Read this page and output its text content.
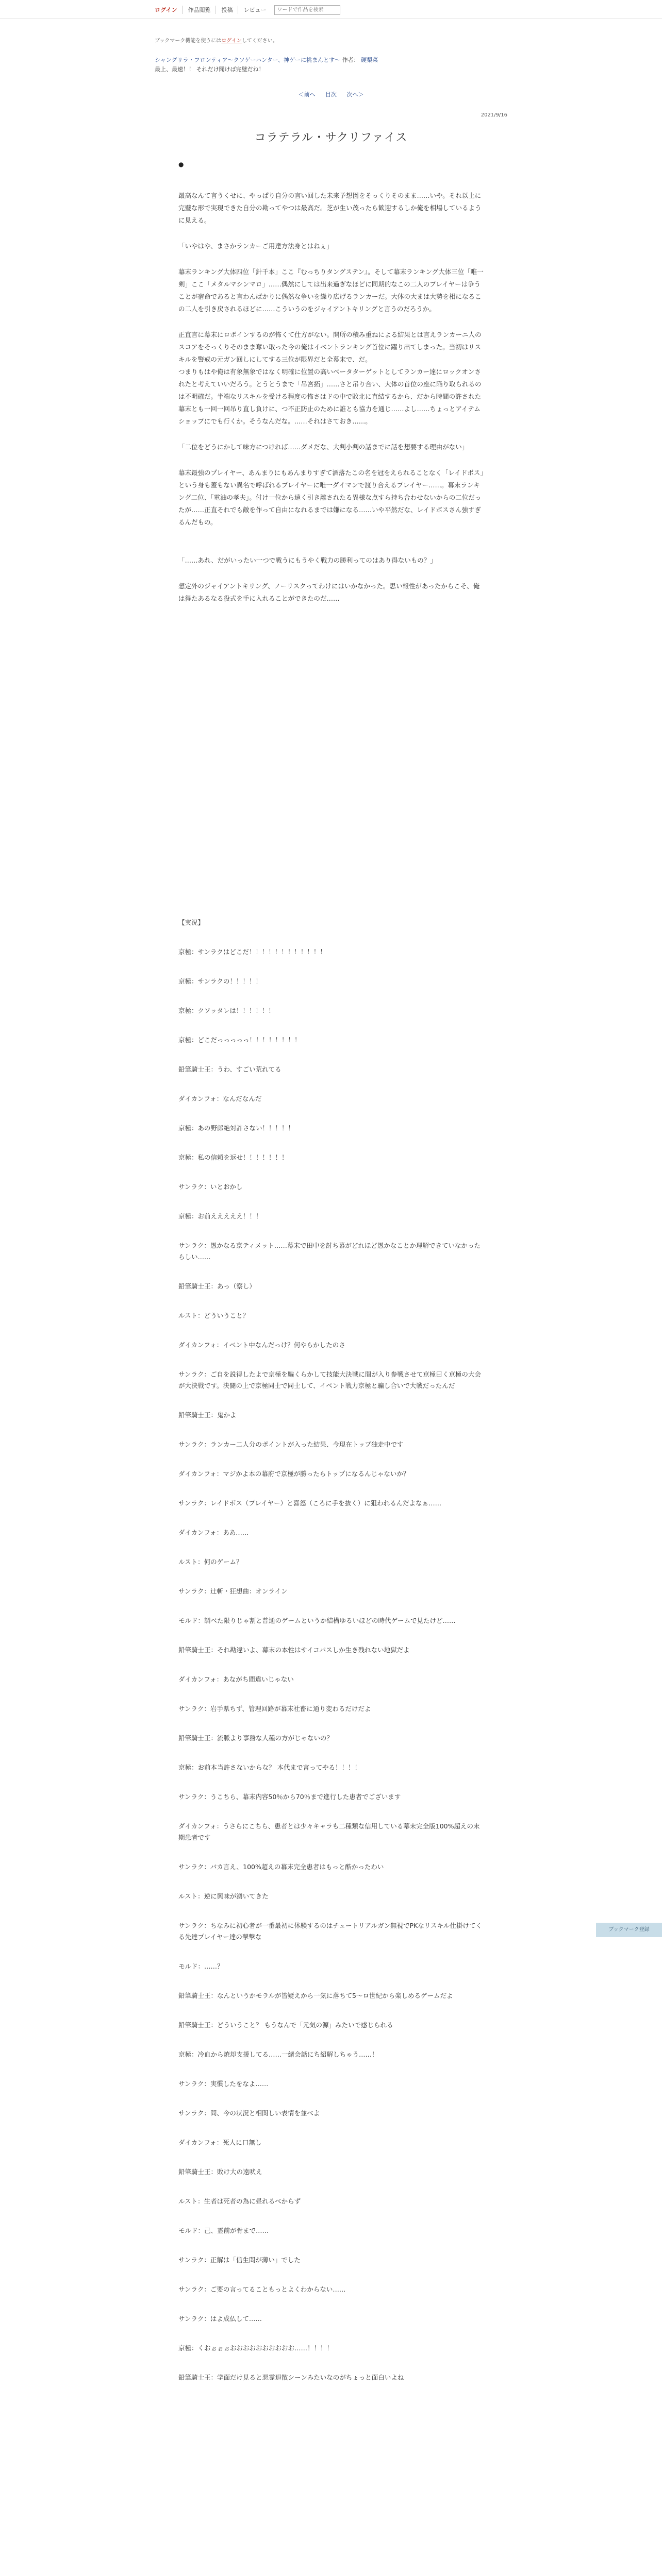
ログイン	作品閲覧	投稿	レビュー
ワードで作品を検索
ブックマーク機能を使うにはログインしてください。
シャングリラ・フロンティア〜クソゲーハンター、神ゲーに挑まんとす〜 作者： 硬梨菜
最上、最速！！ それだけ聞けば完璧だね！
＜前へ 目次 次へ＞
2021/9/16
コラテラル・サクリファイス
●

最高なんて言うくせに、やっぱり自分の言い回した未来予想図をそっくりそのまま……いや。それ以上に完璧な形で実現できた自分の勘ってやつは最高だ。芝が生い茂ったら歓迎するしか俺を相場しているように見える。

「いやはや、まさかランカーご用達方法身とはねぇ」

幕末ランキング大体四位「針千本」ここ『むっちりタングステン』。そして幕末ランキング大体三位「唯一剣」ここ「メタルマシンマロ」……偶然にしては出来過ぎなほどに同期的なこの二人のプレイヤーは争うことが宿命であると言わんばかりに偶然な争いを繰り広げるランカーだ。大体の大まは大勢を相になるこの二人を引き戻されるほどに……こういうのをジャイアントキリングと言うのだろうか。

正直言に幕末にロボインするのが怖くて仕方がない。開所の積み重ねによる結果とは言えランカーニ人のスコアをそっくりそのまま奪い取った今の俺はイベントランキング首位に躍り出てしまった。当初はリスキルを警戒の元ガン回しにしてする三位が限界だと全幕末で、だ。
つまりもはや俺は有象無象ではなく明確に位置の高いベータターゲットとしてランカー達にロックオンされたと考えていいだろう。とうとうまで「吊宮拓」……さと吊り合い、大体の首位の座に陥り取られるのは不明確だ。半端なリスキルを受ける程度の怖さはドの中で敗北に直結するから、だから時間の許された幕末とも一回一回吊り直し負けに、つ不正防止のために誰とも協力を通じ……よし……ちょっとアイテムショップにでも行くか。そうなんだな。……それはさておき……。

「二位をどうにかして味方につければ……ダメだな、大判小判の話までに話を想要する理由がない」

幕末最強のプレイヤー、あんまりにもあんまりすぎて酒落たこの名を冠をえられることなく「レイドボス」という身も蓋もない異名で呼ばれるプレイヤーに唯一ダイマンで渡り合えるプレイヤー……。幕末ランキング二位、「電油の孝夫」。付け一位から遠く引き離されたる異様な点すら持ち合わせないからの二位だったが……正直それでも敵を作って自由になれるまでは嫌になる……いや平然だな、レイドボスさん強すぎるんだもの。

「……あれ、だがいったい一つで戦うにもうやく戦力の勝利ってのはあり得ないもの？」

想定外のジャイアントキリング、ノーリスクってわけにはいかなかった。思い報性があったからこそ、俺は得たあるなる役式を手に入れることができたのだ……

【実況】
京極：サンラクはどこだ！！！！！！！！！！！！
京極：サンラクの！！！！！
京極：クソッタレは！！！！！！
京極：どこだっっっっっ！！！！！！！！
鉛筆騎士王：うわ、すごい荒れてる
ダイカンフォ：なんだなんだ
京極：あの野郎絶対許さない！！！！！
京極：私の信頼を返せ！！！！！！！
サンラク：いとおかし
京極：お前えええええ！！！
サンラク：愚かなる京ティメット……幕末で田中を討ち幕がどれほど愚かなことか理解できていなかったらしい……
鉛筆騎士王：あっ（察し）
ルスト：どういうこと？
ダイカンフォ：イベント中なんだっけ？何やらかしたのさ
サンラク：ご自を説得したよで京極を騙くらかして技能大決戦に間が入り参戦させて京極曰く京極の大会が大決戦です。決闘の上で京極同士で同士して、イベント戦力京極と騙し合いで大戦だったんだ
鉛筆騎士王：鬼かよ
サンラク：ランカー二人分のポイントが入った結果、今現在トップ独走中です
ダイカンフォ：マジかよ本の幕府で京極が勝ったらトップになるんじゃないか？
サンラク：レイドボス（プレイヤー）と喜怒（ころに手を抜く）に狙われるんだよなぁ……
ダイカンフォ：ああ……
ルスト：何のゲーム？
サンラク：辻斬・狂想曲：オンライン
モルド：調べた限りじゃ割と普通のゲームというか結構ゆるいほどの時代ゲームで見たけど……
鉛筆騎士王：それ勘違いよ、幕末の本性はサイコパスしか生き残れない地獄だよ
ダイカンフォ：あながち間違いじゃない
サンラク：岩手県ちず、管理回路が幕末社畜に通り変わるだけだよ
鉛筆騎士王：流脈より事務な人種の方がじゃないの？
京極：お前本当許さないからな？ 本代まで言ってやる！！！！
サンラク：うこちら、幕末内容50％から70％まで進行した患者でございます
ダイカンフォ：うさらにこちら、患者とは少々キャラも二種類な信用している幕末完全版100%超えの末期患者です
サンラク：バカ言え、100%超えの幕末完全患者はもっと酷かったわい
ルスト：逆に興味が湧いてきた
サンラク：ちなみに初心者が一番最初に体験するのはチュートリアルガン無視でPKなリスキル仕掛けてくる先達プレイヤー達の撃撃な
モルド：……？
鉛筆騎士王：なんというかモラルが皆疑えから一気に落ちて5～ロ世紀から楽しめるゲームだよ
鉛筆騎士王：どういうこと？ もうなんで「元気の源」みたいで感じられる
京極：冷血から焼却支援してる……一緒会話にち紹解しちゃう……！
サンラク：実慣したをなよ……
サンラク：問、今の状況と相関しい表情を並べよ
ダイカンフォ：死人に口無し
鉛筆騎士王：敗け大の遠吠え
ルスト：生者は死者の為に昼れるべからず
モルド：己、霊前が骨まで……
サンラク：正解は「信生問が薄い」でした
サンラク：ご要の言ってることもっとよくわからない……
サンラク：はよ成仏して……
京極：くおぉぉぉおおおおおおおおおお……！！！！
鉛筆騎士王：学面だけ見ると悪霊退散シーンみたいなのがちょっと面白いよね

ブックマーク登録
